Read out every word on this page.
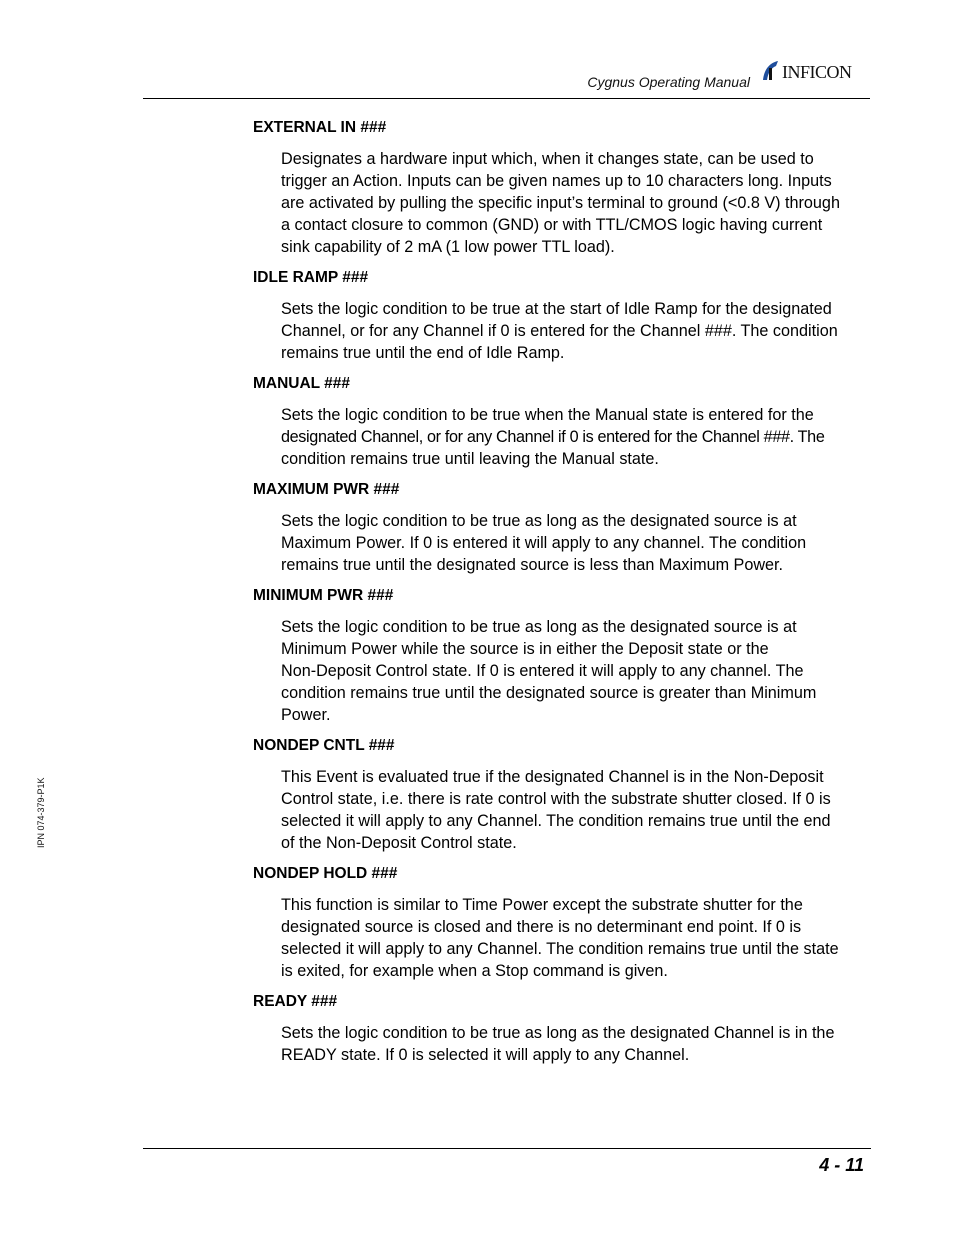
Cygnus Operating Manual INFICON
IPN 074-379-P1K
EXTERNAL IN ###
Designates a hardware input which, when it changes state, can be used to
trigger an Action. Inputs can be given names up to 10 characters long. Inputs
are activated by pulling the specific input’s terminal to ground (<0.8 V) through
a contact closure to common (GND) or with TTL/CMOS logic having current
sink capability of 2 mA (1 low power TTL load).
IDLE RAMP ###
Sets the logic condition to be true at the start of Idle Ramp for the designated
Channel, or for any Channel if 0 is entered for the Channel ###. The condition
remains true until the end of Idle Ramp.
MANUAL ###
Sets the logic condition to be true when the Manual state is entered for the
designated Channel, or for any Channel if 0 is entered for the Channel ###. The
condition remains true until leaving the Manual state.
MAXIMUM PWR ###
Sets the logic condition to be true as long as the designated source is at
Maximum Power. If 0 is entered it will apply to any channel. The condition
remains true until the designated source is less than Maximum Power.
MINIMUM PWR ###
Sets the logic condition to be true as long as the designated source is at
Minimum Power while the source is in either the Deposit state or the
Non-Deposit Control state. If 0 is entered it will apply to any channel. The
condition remains true until the designated source is greater than Minimum
Power.
NONDEP CNTL ###
This Event is evaluated true if the designated Channel is in the Non-Deposit
Control state, i.e. there is rate control with the substrate shutter closed. If 0 is
selected it will apply to any Channel. The condition remains true until the end
of the Non-Deposit Control state.
NONDEP HOLD ###
This function is similar to Time Power except the substrate shutter for the
designated source is closed and there is no determinant end point. If 0 is
selected it will apply to any Channel. The condition remains true until the state
is exited, for example when a Stop command is given.
READY ###
Sets the logic condition to be true as long as the designated Channel is in the
READY state. If 0 is selected it will apply to any Channel.
4 - 11
